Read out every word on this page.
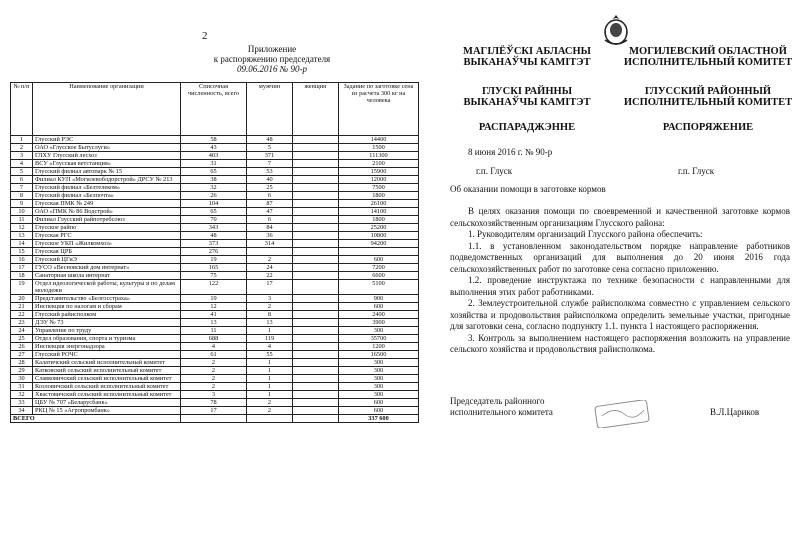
2
Приложение
к распоряжению председателя
09.06.2016 № 90-р
№ п/п	Наименование организации	Списочная численность, всего	мужчин	женщин	Задание по заготовке сена из расчета 300 кг на человека
1	Глусский РЭС	58	48		14400
2	ОАО «Глусское Бытуслуги»	43	5		1500
3	ГЛХУ Глусский лесхоз	403	371		111300
4	ВСУ «Глусская ветстанция»	31	7		2100
5	Глусский филиал автопарк № 15	65	53		15900
6	Филиал КУП «Могилевоблдорстрой» ДРСУ № 213	38	40		12000
7	Глусский филиал «Белтелеком»	32	25		7500
8	Глусский филиал «Белпочта»	26	6		1800
9	Глусская ПМК № 249	104	87		26100
10	ОАО «ПМК № 86 Водстрой»	65	47		14100
11	Филиал Глусский райпотребсоюз	70	6		1800
12	Глусское райпо	343	84		25200
13	Глусская РГС	48	36		10800
14	Глусское УКП «Жилкомхоз»	373	314		94200
15	Глусская ЦРБ	276			
16	Глусский ЦГиЭ	19	2		600
17	ГУСО «Весновский дом интернат»	165	24		7200
18	Санаторная школа интернат	75	22		6600
19	Отдел идеологической работы, культуры и по делам молодежи	122	17		5100
20	Представительство «Белгосстраха»	19	3		900
21	Инспекция по налогам и сборам	12	2		600
22	Глусский райисполком	41	8		2400
23	ДЭУ № 73	13	13		3900
24	Управление по труду	11	1		300
25	Отдел образования, спорта и туризма	688	119		35700
26	Инспекция энергонадзора	4	4		1200
27	Глусский РОЧС	61	55		16500
28	Калатичский сельский исполнительный комитет	2	1		300
29	Катковский сельский исполнительный комитет	2	1		300
30	Славковичский сельский исполнительный комитет	2	1		300
31	Козловичский сельский исполнительный комитет	2	1		300
32	Хвастовичский сельский исполнительный комитет	3	1		300
33	ЦБУ № 707 «Беларусбанк»	78	2		600
34	РКЦ № 15 «Агропромбанк»	17	2		600
ВСЕГО					337 600
МАГІЛЁЎСКІ АБЛАСНЫ
ВЫКАНАЎЧЫ КАМІТЭТ
ГЛУСКІ РАЙННЫ
ВЫКАНАЎЧЫ КАМІТЭТ
РАСПАРАДЖЭННЕ
МОГИЛЕВСКИЙ ОБЛАСТНОЙ
ИСПОЛНИТЕЛЬНЫЙ КОМИТЕТ
ГЛУССКИЙ РАЙОННЫЙ
ИСПОЛНИТЕЛЬНЫЙ КОМИТЕТ
РАСПОРЯЖЕНИЕ
8 июня 2016 г. № 90-р
г.п. Глуск	г.п. Глуск
Об оказании помощи в заготовке кормов

В целях оказания помощи по своевременной и качественной заготовке кормов сельскохозяйственным организациям Глусского района:

1. Руководителям организаций Глусского района обеспечить:

1.1. в установленном законодательством порядке направление работников подведомственных организаций для выполнения до 20 июня 2016 года сельскохозяйственных работ по заготовке сена согласно приложению.

1.2. проведение инструктажа по технике безопасности с направленными для выполнения этих работ работниками.

2. Землеустроительной службе райисполкома совместно с управлением сельского хозяйства и продовольствия райисполкома определить земельные участки, пригодные для заготовки сена, согласно подпункту 1.1. пункта 1 настоящего распоряжения.

3. Контроль за выполнением настоящего распоряжения возложить на управление сельского хозяйства и продовольствия райисполкома.

Председатель районного
исполнительного комитета	В.Л.Цариков
